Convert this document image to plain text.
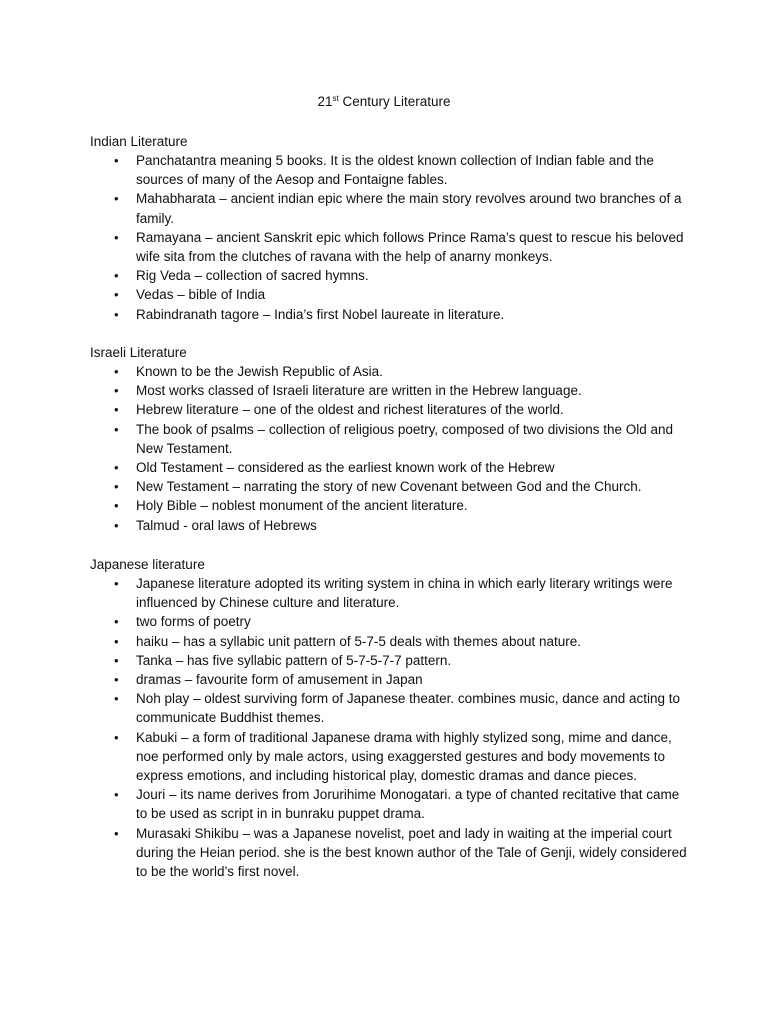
21st Century Literature

Indian Literature

• Panchatantra meaning 5 books. It is the oldest known collection of Indian fable and the sources of many of the Aesop and Fontaigne fables.
• Mahabharata – ancient indian epic where the main story revolves around two branches of a family.
• Ramayana – ancient Sanskrit epic which follows Prince Rama’s quest to rescue his beloved wife sita from the clutches of ravana with the help of anarny monkeys.
• Rig Veda – collection of sacred hymns.
• Vedas – bible of India
• Rabindranath tagore – India’s first Nobel laureate in literature.

Israeli Literature

• Known to be the Jewish Republic of Asia.
• Most works classed of Israeli literature are written in the Hebrew language.
• Hebrew literature – one of the oldest and richest literatures of the world.
• The book of psalms – collection of religious poetry, composed of two divisions the Old and New Testament.
• Old Testament – considered as the earliest known work of the Hebrew
• New Testament – narrating the story of new Covenant between God and the Church.
• Holy Bible – noblest monument of the ancient literature.
• Talmud - oral laws of Hebrews

Japanese literature

• Japanese literature adopted its writing system in china in which early literary writings were influenced by Chinese culture and literature.
• two forms of poetry
• haiku – has a syllabic unit pattern of 5-7-5 deals with themes about nature.
• Tanka – has five syllabic pattern of 5-7-5-7-7 pattern.
• dramas – favourite form of amusement in Japan
• Noh play – oldest surviving form of Japanese theater. combines music, dance and acting to communicate Buddhist themes.
• Kabuki – a form of traditional Japanese drama with highly stylized song, mime and dance, noe performed only by male actors, using exaggersted gestures and body movements to express emotions, and including historical play, domestic dramas and dance pieces.
• Jouri – its name derives from Jorurihime Monogatari. a type of chanted recitative that came to be used as script in in bunraku puppet drama.
• Murasaki Shikibu – was a Japanese novelist, poet and lady in waiting at the imperial court during the Heian period. she is the best known author of the Tale of Genji, widely considered to be the world’s first novel.
